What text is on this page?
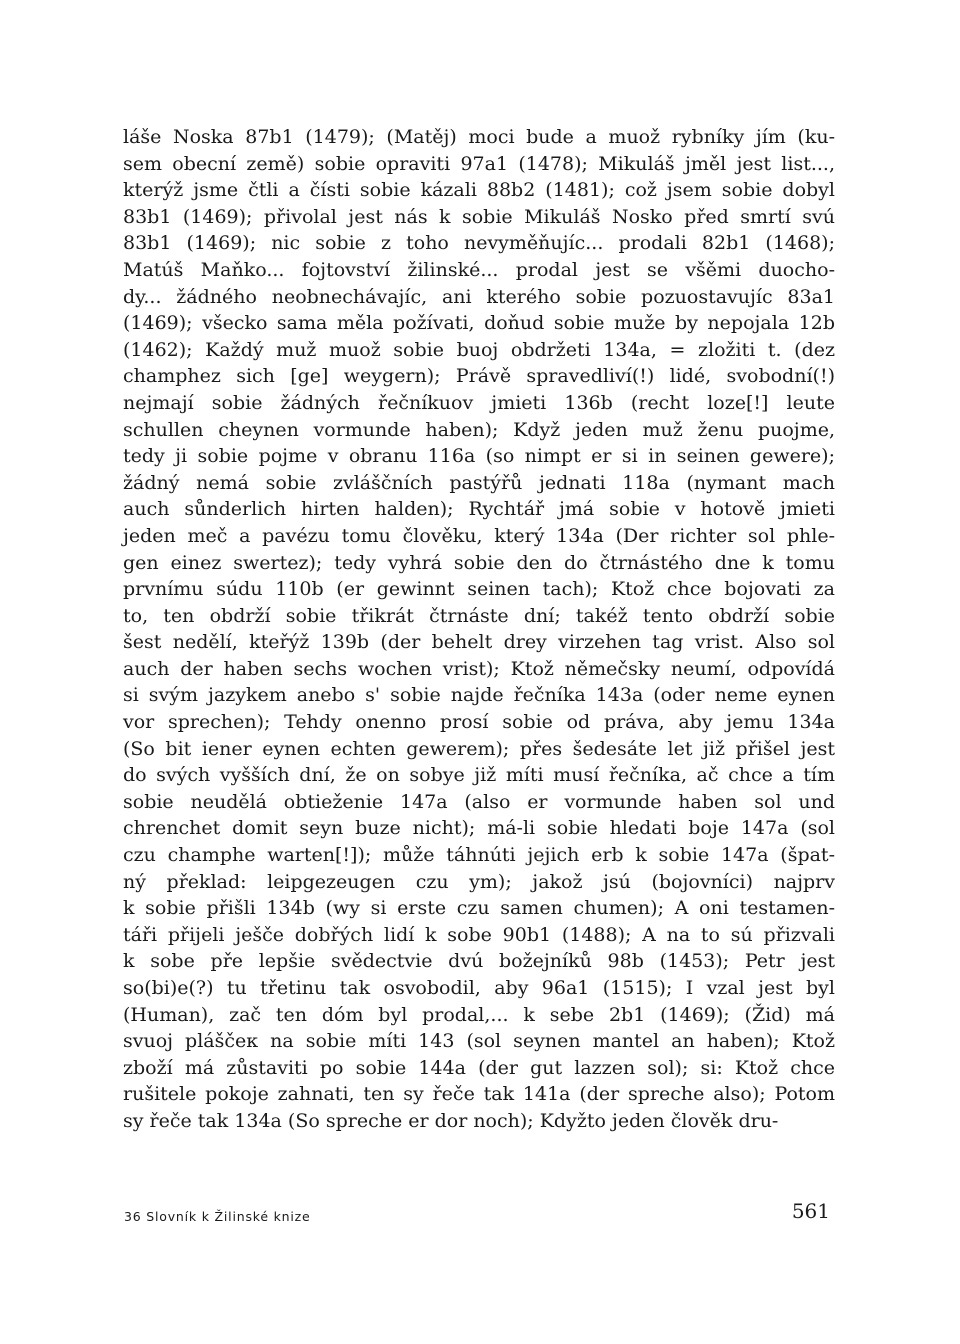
láše Noska 87b1 (1479); (Matěj) moci bude a muož rybníky jím (ku-
sem obecní země) sobie opraviti 97a1 (1478); Mikuláš jměl jest list...,
kterýž jsme čtli a čísti sobie kázali 88b2 (1481); což jsem sobie dobyl
83b1 (1469); přivolal jest nás k sobie Mikuláš Nosko před smrtí svú
83b1 (1469); nic sobie z toho nevyměňujíc... prodali 82b1 (1468);
Matúš Maňko... fojtovství žilinské... prodal jest se všěmi duocho-
dy... žádného neobnechávajíc, ani kterého sobie pozuostavujíc 83a1
(1469); všecko sama měla požívati, doňud sobie muže by nepojala 12b
(1462); Každý muž muož sobie buoj obdržeti 134a, = zložiti t. (dez
champhez sich [ge] weygern); Právě spravedliví(!) lidé, svobodní(!)
nejmají sobie žádných řečníkuov jmieti 136b (recht loze[!] leute
schullen cheynen vormunde haben); Když jeden muž ženu puojme,
tedy ji sobie pojme v obranu 116a (so nimpt er si in seinen gewere);
žádný nemá sobie zvláščních pastýřů jednati 118a (nymant mach
auch sůnderlich hirten halden); Rychtář jmá sobie v hotově jmieti
jeden meč a pavézu tomu člověku, který 134a (Der richter sol phle-
gen einez swertez); tedy vyhrá sobie den do čtrnástého dne k tomu
prvnímu súdu 110b (er gewinnt seinen tach); Ktož chce bojovati za
to, ten obdrží sobie třikrát čtrnáste dní; takéž tento obdrží sobie
šest nedělí, kteřýž 139b (der behelt drey virzehen tag vrist. Also sol
auch der haben sechs wochen vrist); Ktož němečsky neumí, odpovídá
si svým jazykem anebo s' sobie najde řečníka 143a (oder neme eynen
vor sprechen); Tehdy onenno prosí sobie od práva, aby jemu 134a
(So bit iener eynen echten gewerem); přes šedesáte let již přišel jest
do svých vyšších dní, že on sobye již míti musí řečníka, ač chce a tím
sobie neudělá obtieženie 147a (also er vormunde haben sol und
chrenchet domit seyn buze nicht); má-li sobie hledati boje 147a (sol
czu champhe warten[!]); může táhnúti jejich erb k sobie 147a (špat-
ný překlad: leipgezeugen czu ym); jakož jsú (bojovníci) najprv
k sobie přišli 134b (wy si erste czu samen chumen); A oni testamen-
táři přijeli ješče dobřých lidí k sobe 90b1 (1488); A na to sú přizvali
k sobe pře lepšie svědectvie dvú božejníků 98b (1453); Petr jest
so(bi)e(?) tu třetinu tak osvobodil, aby 96a1 (1515); I vzal jest byl
(Human), zač ten dóm byl prodal,... k sebe 2b1 (1469); (Žid) má
svuoj pláščeк na sobie míti 143 (sol seynen mantel an haben); Ktož
zboží má zůstaviti po sobie 144a (der gut lazzen sol); si: Ktož chce
rušitele pokoje zahnati, ten sy řeče tak 141a (der spreche also); Potom
sy řeče tak 134a (So spreche er dor noch); Kdyžto jeden člověk dru-
36 Slovník k Žilinské knize	561
